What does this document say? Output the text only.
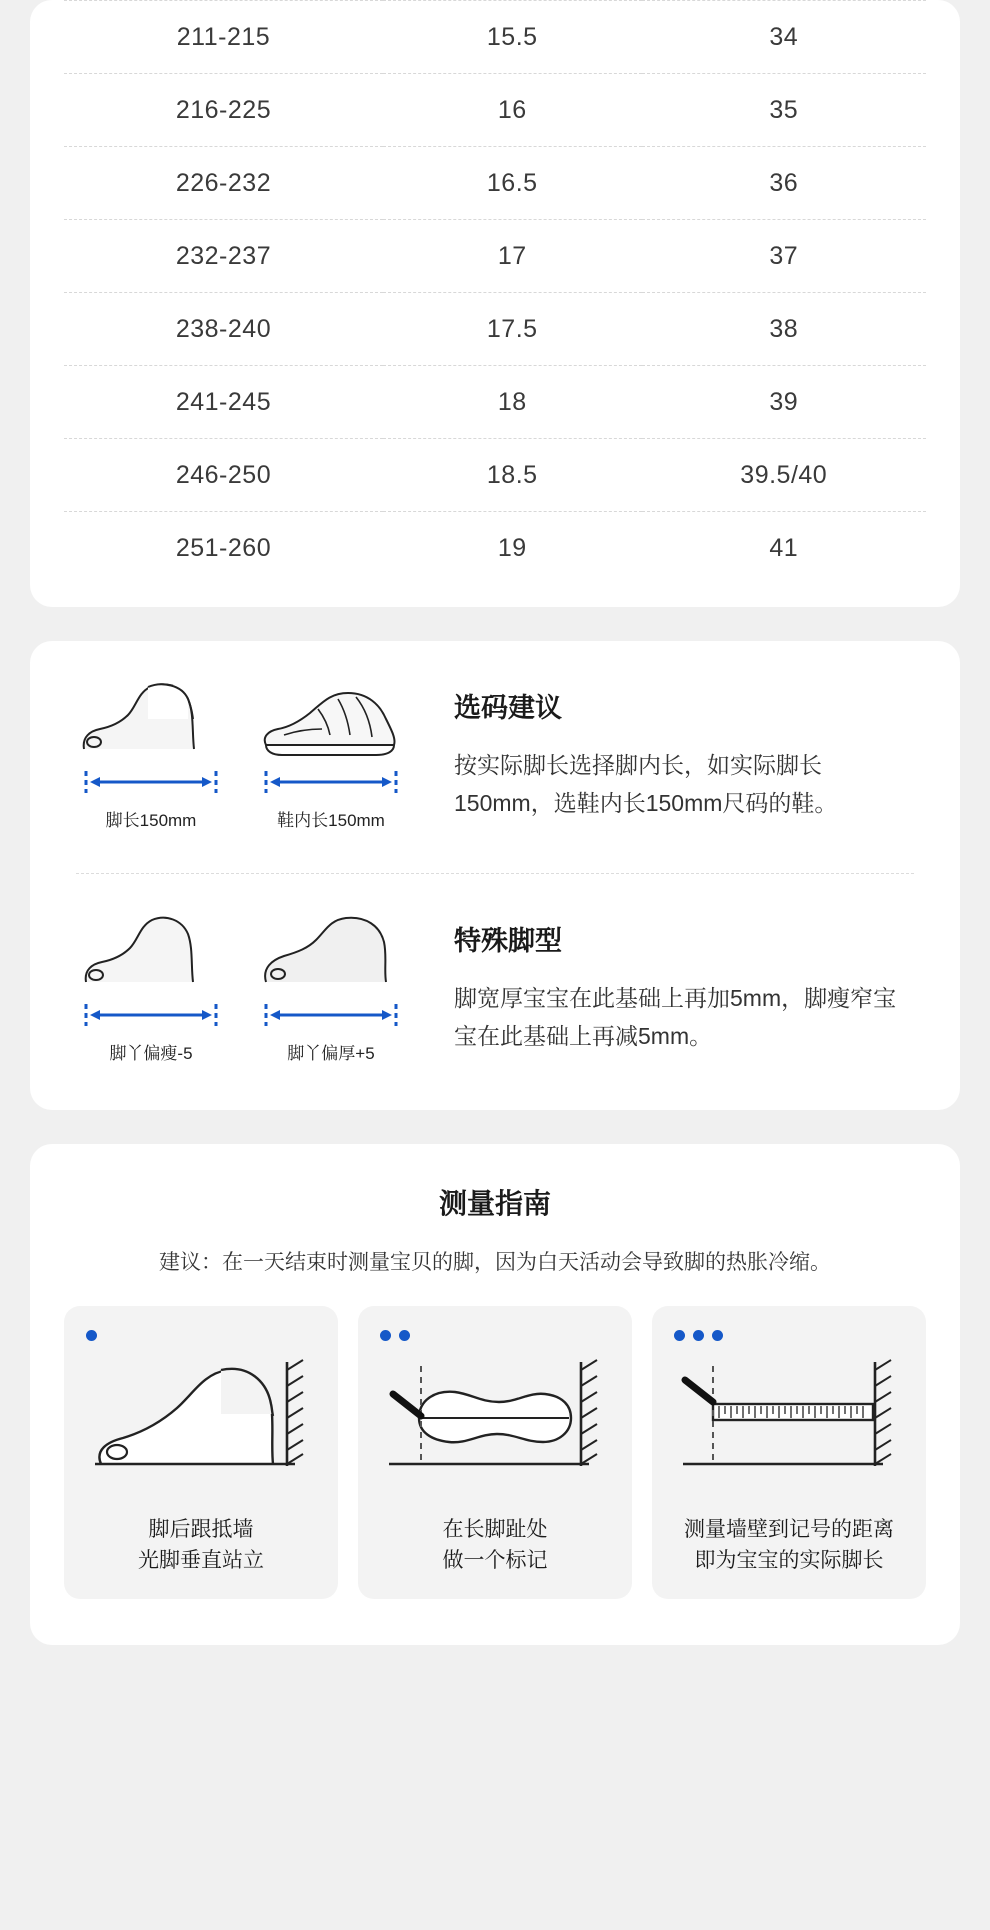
211-215	15.5	34
216-225	16	35
226-232	16.5	36
232-237	17	37
238-240	17.5	38
241-245	18	39
246-250	18.5	39.5/40
251-260	19	41
脚长150mm	鞋内长150mm
选码建议
按实际脚长选择脚内长，如实际脚长150mm，选鞋内长150mm尺码的鞋。
脚丫偏瘦-5	脚丫偏厚+5
特殊脚型
脚宽厚宝宝在此基础上再加5mm，脚瘦窄宝宝在此基础上再减5mm。
测量指南
建议：在一天结束时测量宝贝的脚，因为白天活动会导致脚的热胀冷缩。
脚后跟抵墙
光脚垂直站立
在长脚趾处
做一个标记
测量墙壁到记号的距离
即为宝宝的实际脚长
